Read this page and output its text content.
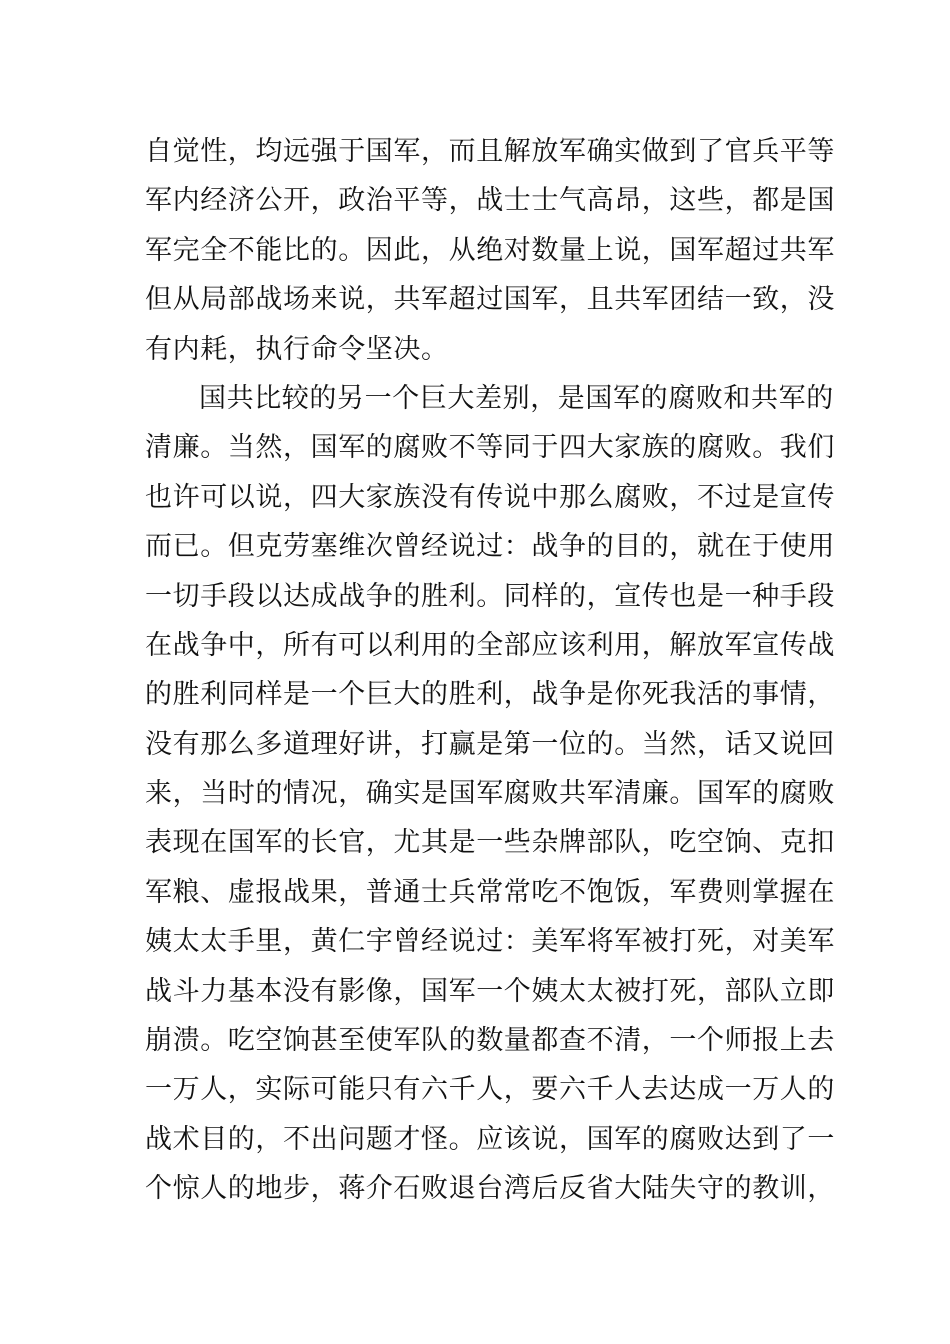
自觉性，均远强于国军，而且解放军确实做到了官兵平等
军内经济公开，政治平等，战士士气高昂，这些，都是国
军完全不能比的。因此，从绝对数量上说，国军超过共军
但从局部战场来说，共军超过国军，且共军团结一致，没
有内耗，执行命令坚决。
国共比较的另一个巨大差别，是国军的腐败和共军的
清廉。当然，国军的腐败不等同于四大家族的腐败。我们
也许可以说，四大家族没有传说中那么腐败，不过是宣传
而已。但克劳塞维次曾经说过：战争的目的，就在于使用
一切手段以达成战争的胜利。同样的，宣传也是一种手段
在战争中，所有可以利用的全部应该利用，解放军宣传战
的胜利同样是一个巨大的胜利，战争是你死我活的事情，
没有那么多道理好讲，打赢是第一位的。当然，话又说回
来，当时的情况，确实是国军腐败共军清廉。国军的腐败
表现在国军的长官，尤其是一些杂牌部队，吃空饷、克扣
军粮、虚报战果，普通士兵常常吃不饱饭，军费则掌握在
姨太太手里，黄仁宇曾经说过：美军将军被打死，对美军
战斗力基本没有影像，国军一个姨太太被打死，部队立即
崩溃。吃空饷甚至使军队的数量都查不清，一个师报上去
一万人，实际可能只有六千人，要六千人去达成一万人的
战术目的，不出问题才怪。应该说，国军的腐败达到了一
个惊人的地步，蒋介石败退台湾后反省大陆失守的教训，
